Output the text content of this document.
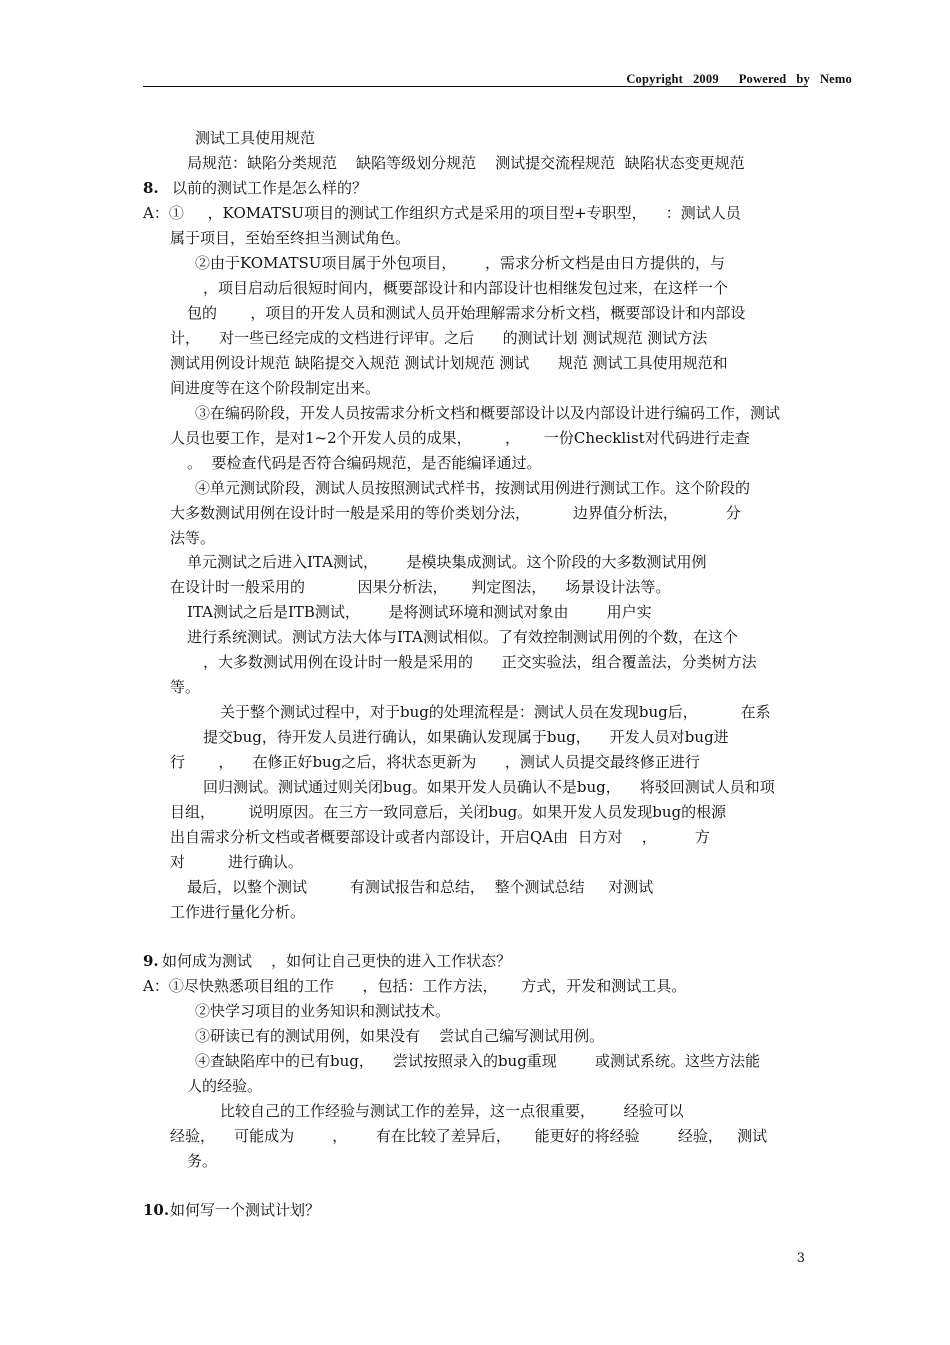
Copyright   2009      Powered   by   Nemo
测试工具使用规范
局规范：缺陷分类规范    缺陷等级划分规范    测试提交流程规范  缺陷状态变更规范
8. 以前的测试工作是怎么样的？
A：①     ，KOMATSU项目的测试工作组织方式是采用的项目型+专职型，    ：测试人员
属于项目，至始至终担当测试角色。
②由于KOMATSU项目属于外包项目，      ，需求分析文档是由日方提供的，与
，项目启动后很短时间内，概要部设计和内部设计也相继发包过来，在这样一个
包的       ，项目的开发人员和测试人员开始理解需求分析文档，概要部设计和内部设
计，    对一些已经完成的文档进行评审。之后      的测试计划 测试规范 测试方法
测试用例设计规范 缺陷提交入规范 测试计划规范 测试      规范 测试工具使用规范和
间进度等在这个阶段制定出来。
③在编码阶段，开发人员按需求分析文档和概要部设计以及内部设计进行编码工作，测试
人员也要工作，是对1~2个开发人员的成果，       ，     一份Checklist对代码进行走查
。  要检查代码是否符合编码规范，是否能编译通过。
④单元测试阶段，测试人员按照测试式样书，按测试用例进行测试工作。这个阶段的
大多数测试用例在设计时一般是采用的等价类划分法，         边界值分析法，          分
法等。
单元测试之后进入ITA测试，      是模块集成测试。这个阶段的大多数测试用例
在设计时一般采用的           因果分析法，     判定图法，    场景设计法等。
ITA测试之后是ITB测试，      是将测试环境和测试对象由        用户实
进行系统测试。测试方法大体与ITA测试相似。了有效控制测试用例的个数，在这个
，大多数测试用例在设计时一般是采用的      正交实验法，组合覆盖法，分类树方法
等。
关于整个测试过程中，对于bug的处理流程是：测试人员在发现bug后，         在系
提交bug，待开发人员进行确认，如果确认发现属于bug，    开发人员对bug进
行       ，    在修正好bug之后，将状态更新为      ，测试人员提交最终修正进行
回归测试。测试通过则关闭bug。如果开发人员确认不是bug，    将驳回测试人员和项
目组，       说明原因。在三方一致同意后，关闭bug。如果开发人员发现bug的根源
出自需求分析文档或者概要部设计或者内部设计，开启QA由  日方对    ，        方
对         进行确认。
最后，以整个测试         有测试报告和总结，  整个测试总结     对测试
工作进行量化分析。
9. 如何成为测试    ，如何让自己更快的进入工作状态？
A：①尽快熟悉项目组的工作      ，包括：工作方法，     方式，开发和测试工具。
②快学习项目的业务知识和测试技术。
③研读已有的测试用例，如果没有    尝试自己编写测试用例。
④查缺陷库中的已有bug，    尝试按照录入的bug重现        或测试系统。这些方法能
人的经验。
比较自己的工作经验与测试工作的差异，这一点很重要，      经验可以
经验，    可能成为        ，      有在比较了差异后，     能更好的将经验        经验，   测试
务。
10. 如何写一个测试计划？
3
